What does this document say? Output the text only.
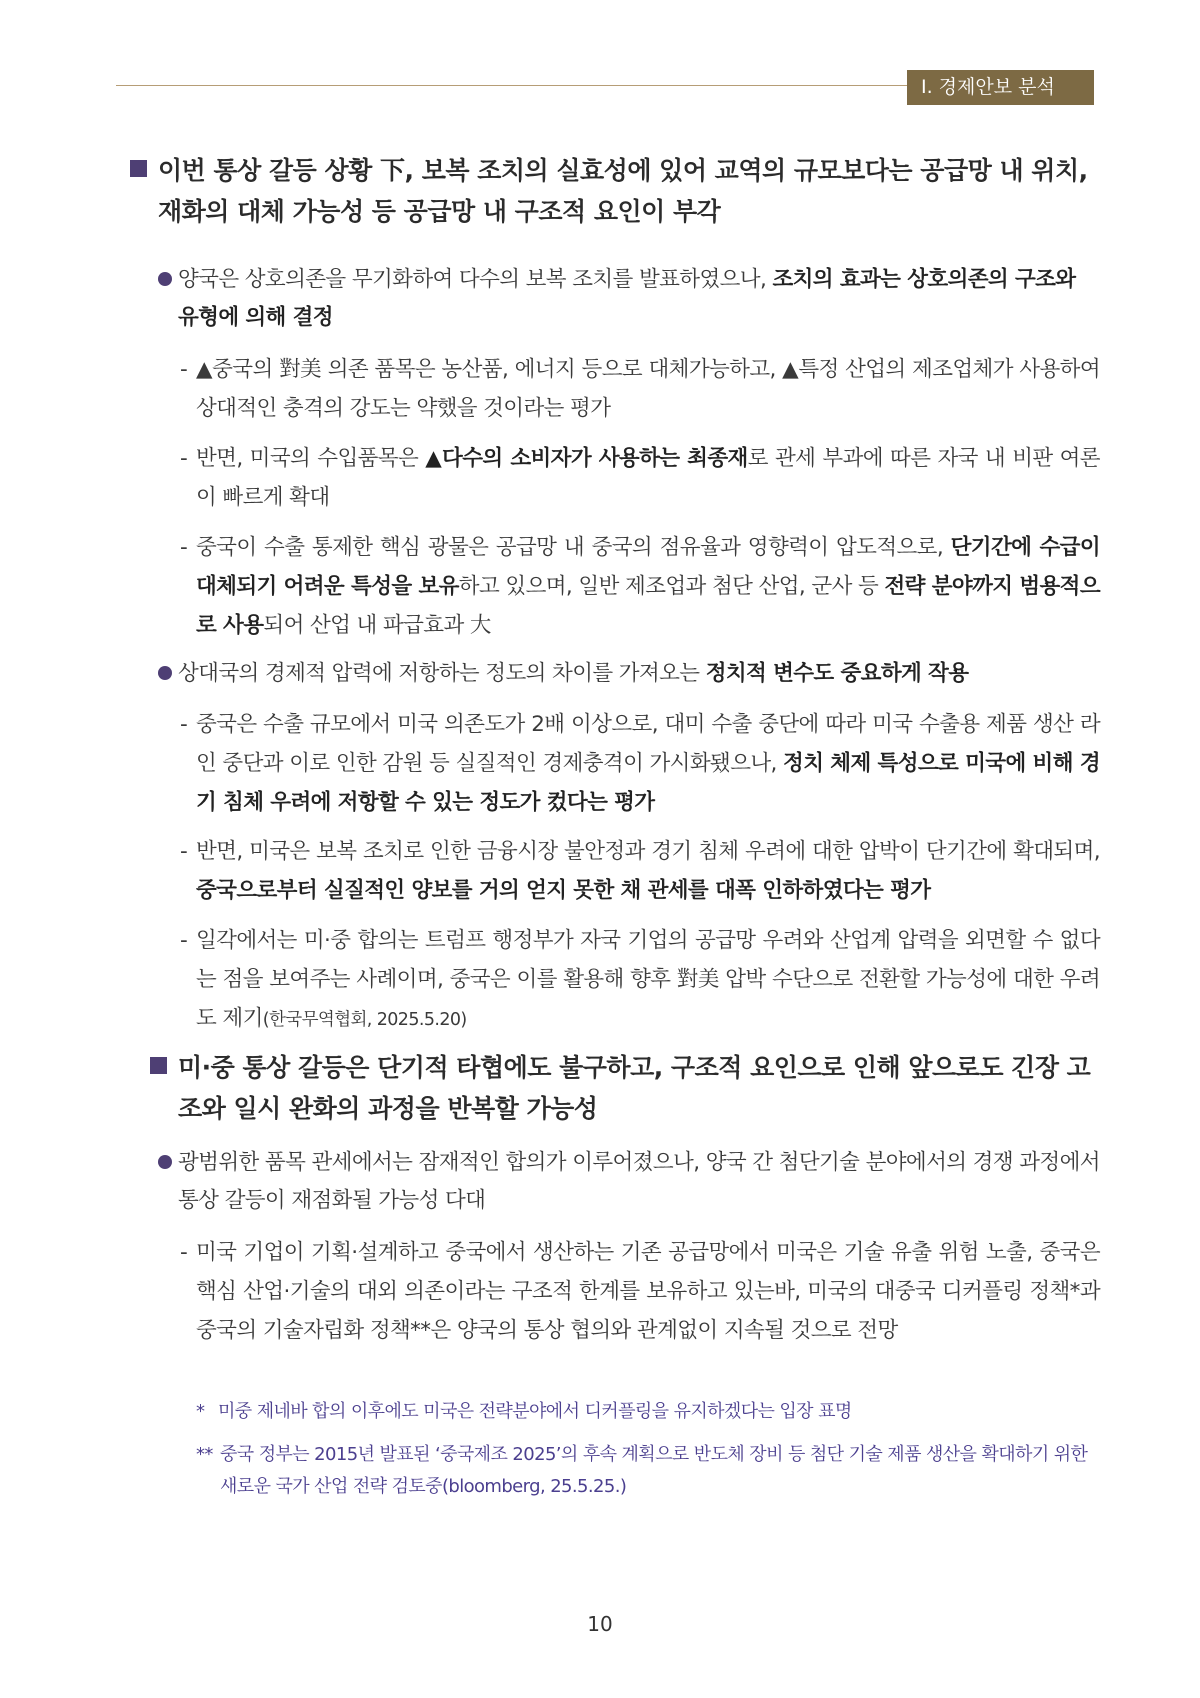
Ⅰ. 경제안보 분석
이번 통상 갈등 상황 下, 보복 조치의 실효성에 있어 교역의 규모보다는 공급망 내 위치, 재화의 대체 가능성 등 공급망 내 구조적 요인이 부각
양국은 상호의존을 무기화하여 다수의 보복 조치를 발표하였으나, 조치의 효과는 상호의존의 구조와 유형에 의해 결정
- ▲중국의 對美 의존 품목은 농산품, 에너지 등으로 대체가능하고, ▲특정 산업의 제조업체가 사용하여 상대적인 충격의 강도는 약했을 것이라는 평가
- 반면, 미국의 수입품목은 ▲다수의 소비자가 사용하는 최종재로 관세 부과에 따른 자국 내 비판 여론이 빠르게 확대
- 중국이 수출 통제한 핵심 광물은 공급망 내 중국의 점유율과 영향력이 압도적으로, 단기간에 수급이 대체되기 어려운 특성을 보유하고 있으며, 일반 제조업과 첨단 산업, 군사 등 전략 분야까지 범용적으로 사용되어 산업 내 파급효과 大
상대국의 경제적 압력에 저항하는 정도의 차이를 가져오는 정치적 변수도 중요하게 작용
- 중국은 수출 규모에서 미국 의존도가 2배 이상으로, 대미 수출 중단에 따라 미국 수출용 제품 생산 라인 중단과 이로 인한 감원 등 실질적인 경제충격이 가시화됐으나, 정치 체제 특성으로 미국에 비해 경기 침체 우려에 저항할 수 있는 정도가 컸다는 평가
- 반면, 미국은 보복 조치로 인한 금융시장 불안정과 경기 침체 우려에 대한 압박이 단기간에 확대되며, 중국으로부터 실질적인 양보를 거의 얻지 못한 채 관세를 대폭 인하하였다는 평가
- 일각에서는 미·중 합의는 트럼프 행정부가 자국 기업의 공급망 우려와 산업계 압력을 외면할 수 없다는 점을 보여주는 사례이며, 중국은 이를 활용해 향후 對美 압박 수단으로 전환할 가능성에 대한 우려도 제기(한국무역협회, 2025.5.20)
미·중 통상 갈등은 단기적 타협에도 불구하고, 구조적 요인으로 인해 앞으로도 긴장 고조와 일시 완화의 과정을 반복할 가능성
광범위한 품목 관세에서는 잠재적인 합의가 이루어졌으나, 양국 간 첨단기술 분야에서의 경쟁 과정에서 통상 갈등이 재점화될 가능성 다대
- 미국 기업이 기획·설계하고 중국에서 생산하는 기존 공급망에서 미국은 기술 유출 위험 노출, 중국은 핵심 산업·기술의 대외 의존이라는 구조적 한계를 보유하고 있는바, 미국의 대중국 디커플링 정책*과 중국의 기술자립화 정책**은 양국의 통상 협의와 관계없이 지속될 것으로 전망
* 미중 제네바 합의 이후에도 미국은 전략분야에서 디커플링을 유지하겠다는 입장 표명
** 중국 정부는 2015년 발표된 ‘중국제조 2025’의 후속 계획으로 반도체 장비 등 첨단 기술 제품 생산을 확대하기 위한 새로운 국가 산업 전략 검토중(bloomberg, 25.5.25.)
10
